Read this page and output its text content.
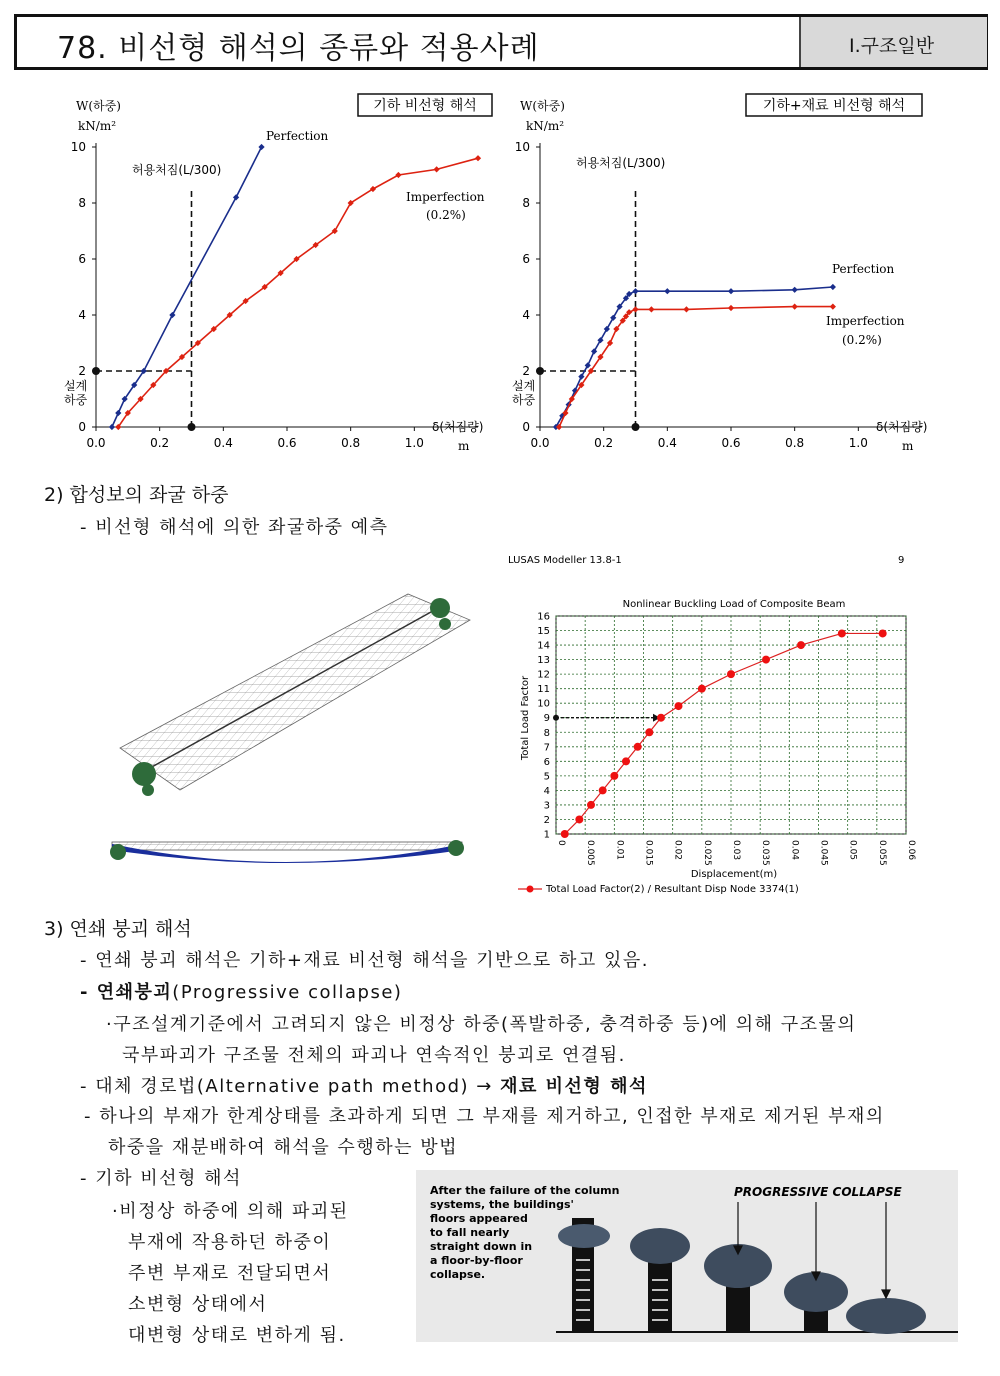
78. 비선형 해석의 종류와 적용사례	Ⅰ.구조일반
기하 비선형 해석
W(하중)
kN/m²
허용처짐(L/300)
Perfection
Imperfection
(0.2%)
설계
하중
δ(처짐량)
m
0
2
4
6
8
10
0.0	0.2	0.4	0.6	0.8	1.0
기하+재료 비선형 해석
W(하중)
kN/m²
허용처짐(L/300)
Perfection
Imperfection
(0.2%)
설계
하중
δ(처짐량)
m
0
2
4
6
8
10
0.0	0.2	0.4	0.6	0.8	1.0
2) 합성보의 좌굴 하중
- 비선형 해석에 의한 좌굴하중 예측
LUSAS Modeller 13.8-1	9
Nonlinear Buckling Load of Composite Beam
Total Load Factor
Displacement(m)
Total Load Factor(2) / Resultant Disp Node 3374(1)
1
2
3
4
5
6
7
8
9
10
11
12
13
14
15
16
0 0.005 0.01 0.015 0.02 0.025 0.03 0.035 0.04 0.045 0.05 0.055 0.06
3) 연쇄 붕괴 해석
- 연쇄 붕괴 해석은 기하+재료 비선형 해석을 기반으로 하고 있음.
- 연쇄붕괴(Progressive collapse)
·구조설계기준에서 고려되지 않은 비정상 하중(폭발하중, 충격하중 등)에 의해 구조물의
국부파괴가 구조물 전체의 파괴나 연속적인 붕괴로 연결됨.
- 대체 경로법(Alternative path method) → 재료 비선형 해석
- 하나의 부재가 한계상태를 초과하게 되면 그 부재를 제거하고, 인접한 부재로 제거된 부재의
하중을 재분배하여 해석을 수행하는 방법
- 기하 비선형 해석
·비정상 하중에 의해 파괴된
부재에 작용하던 하중이
주변 부재로 전달되면서
소변형 상태에서
대변형 상태로 변하게 됨.
After the failure of the column
systems, the buildings'
floors appeared
to fall nearly
straight down in
a floor-by-floor
collapse.
PROGRESSIVE COLLAPSE
